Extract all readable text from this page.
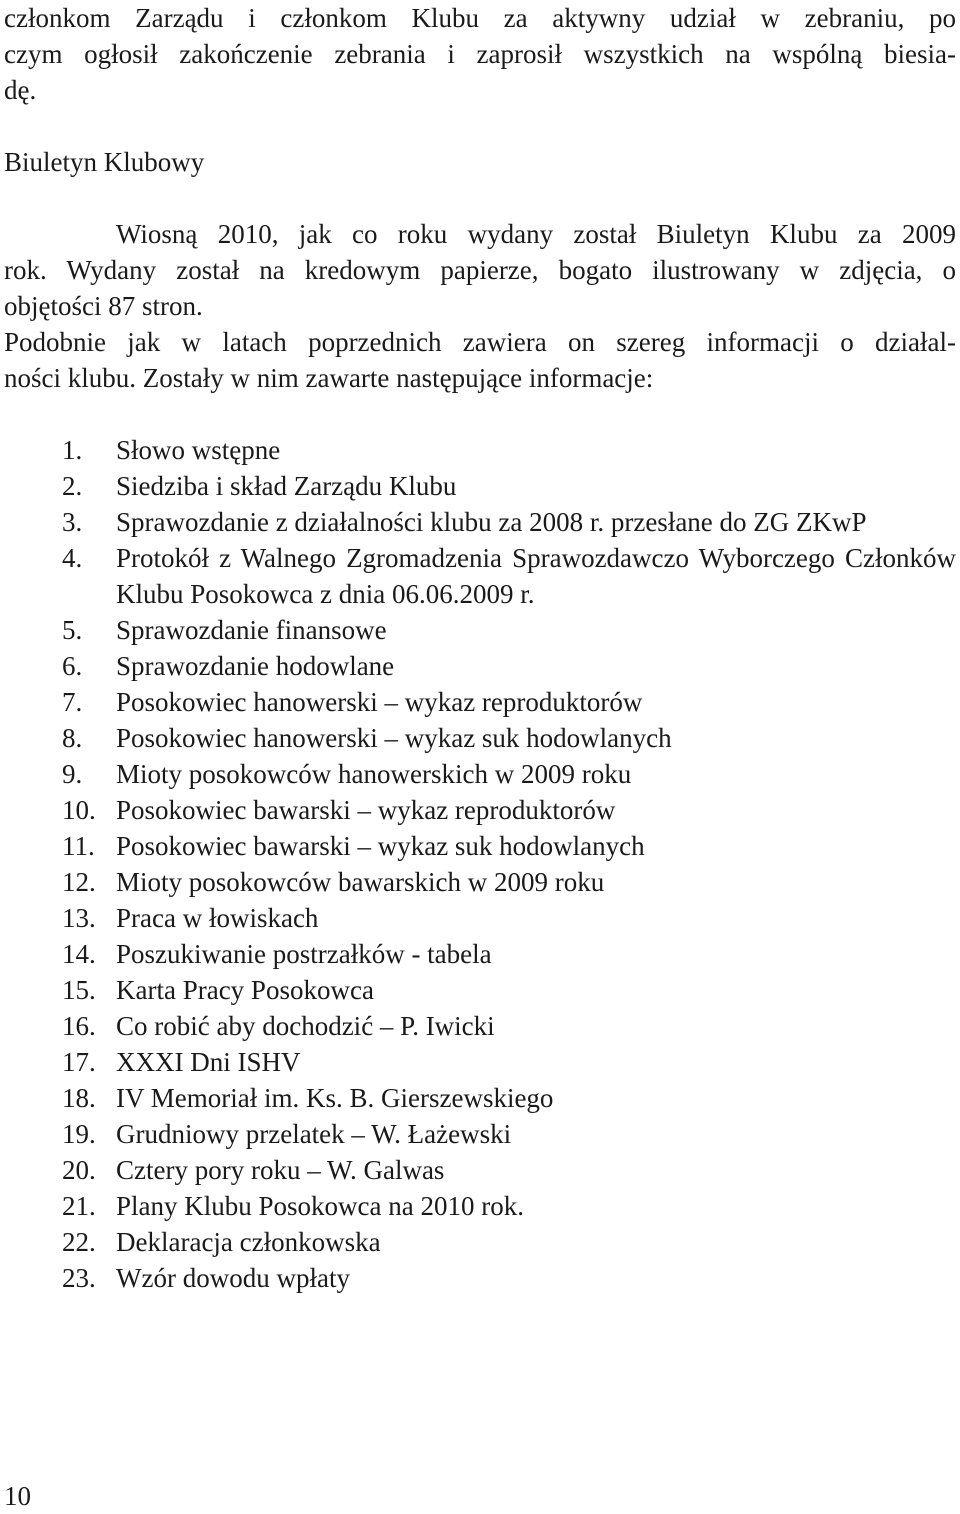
członkom Zarządu i członkom Klubu za aktywny udział w zebraniu, po

czym ogłosił zakończenie zebrania i zaprosił wszystkich na wspólną biesia-

dę.

Biuletyn Klubowy

Wiosną 2010, jak co roku wydany został Biuletyn Klubu za 2009

rok. Wydany został na kredowym papierze, bogato ilustrowany w zdjęcia, o

objętości 87 stron.

Podobnie jak w latach poprzednich zawiera on szereg informacji o działal-

ności klubu. Zostały w nim zawarte następujące informacje:

1.	Słowo wstępne
2.	Siedziba i skład Zarządu Klubu
3.	Sprawozdanie z działalności klubu za 2008 r. przesłane do ZG ZKwP
4.	Protokół z Walnego Zgromadzenia Sprawozdawczo Wyborczego Członków Klubu Posokowca z dnia 06.06.2009 r.
5.	Sprawozdanie finansowe
6.	Sprawozdanie hodowlane
7.	Posokowiec hanowerski – wykaz reproduktorów
8.	Posokowiec hanowerski – wykaz suk hodowlanych
9.	Mioty posokowców hanowerskich w 2009 roku
10. Posokowiec bawarski – wykaz reproduktorów
11. Posokowiec bawarski – wykaz suk hodowlanych
12. Mioty posokowców bawarskich w 2009 roku
13. Praca w łowiskach
14. Poszukiwanie postrzałków - tabela
15. Karta Pracy Posokowca
16. Co robić aby dochodzić – P. Iwicki
17. XXXI Dni ISHV
18. IV Memoriał im. Ks. B. Gierszewskiego
19. Grudniowy przelatek – W. Łażewski
20. Cztery pory roku – W. Galwas
21. Plany Klubu Posokowca na 2010 rok.
22. Deklaracja członkowska
23. Wzór dowodu wpłaty
10
